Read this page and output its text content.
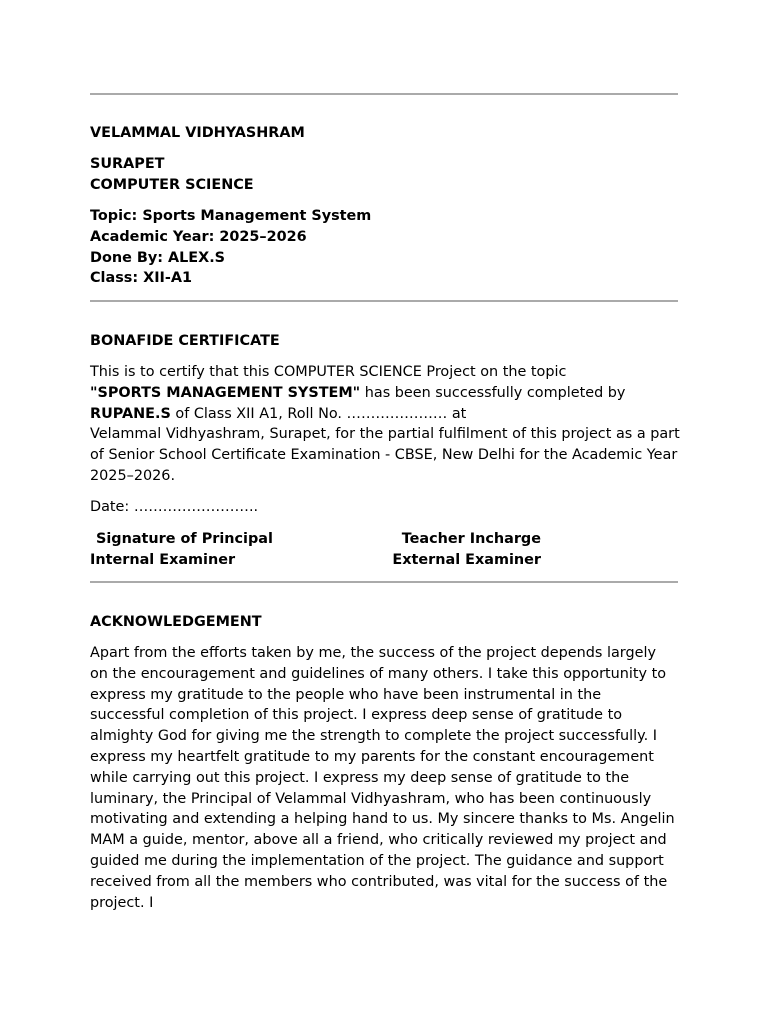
VELAMMAL VIDHYASHRAM

SURAPET

COMPUTER SCIENCE

Topic: Sports Management System

Academic Year: 2025–2026

Done By: ALEX.S

Class: XII-A1

BONAFIDE CERTIFICATE

This is to certify that this COMPUTER SCIENCE Project on the topic

"SPORTS MANAGEMENT SYSTEM" has been successfully completed by

RUPANE.S of Class XII A1, Roll No. ………………… at

Velammal Vidhyashram, Surapet, for the partial fulfilment of this project as a part of Senior School Certificate Examination - CBSE, New Delhi for the Academic Year 2025–2026.

Date: ……………………..

Signature of Principal	Teacher Incharge
Internal Examiner	External Examiner

ACKNOWLEDGEMENT

Apart from the efforts taken by me, the success of the project depends largely on the encouragement and guidelines of many others. I take this opportunity to express my gratitude to the people who have been instrumental in the successful completion of this project. I express deep sense of gratitude to almighty God for giving me the strength to complete the project successfully. I express my heartfelt gratitude to my parents for the constant encouragement while carrying out this project. I express my deep sense of gratitude to the luminary, the Principal of Velammal Vidhyashram, who has been continuously motivating and extending a helping hand to us. My sincere thanks to Ms. Angelin MAM a guide, mentor, above all a friend, who critically reviewed my project and guided me during the implementation of the project. The guidance and support received from all the members who contributed, was vital for the success of the project. I
